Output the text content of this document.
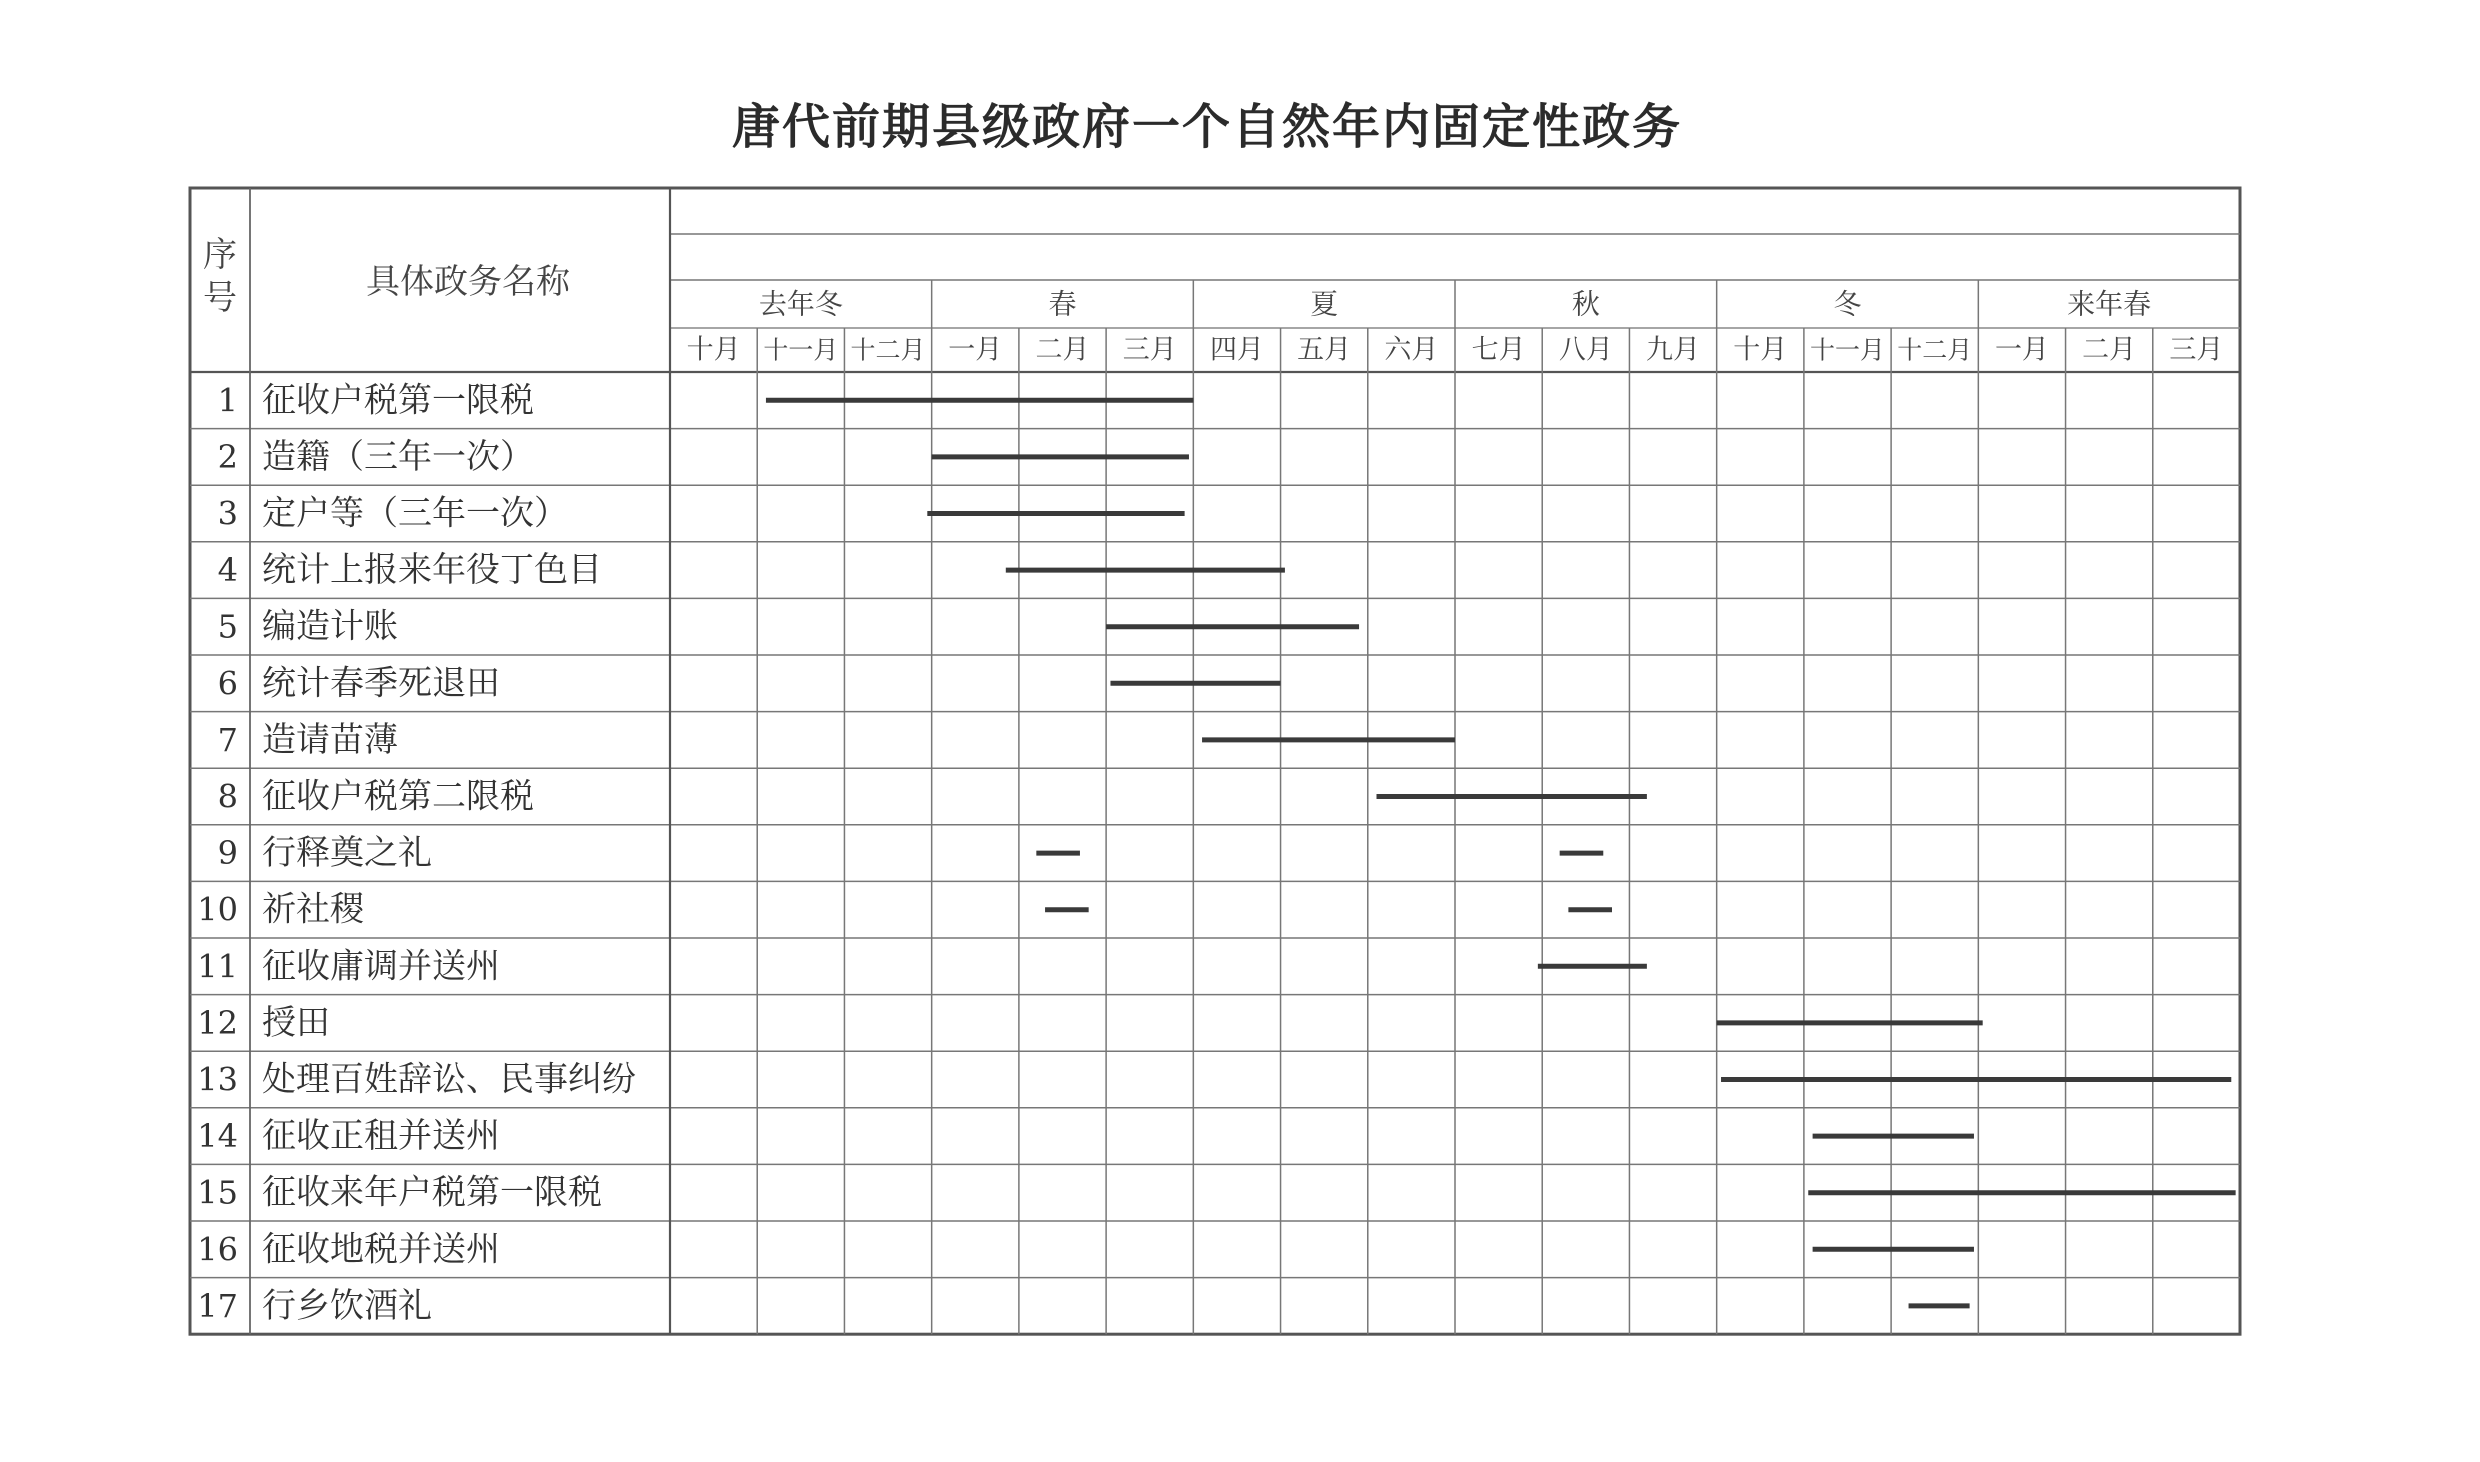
唐代前期县级政府一个自然年内固定性政务
序
号	具体政务名称
去年冬	春	夏	秋	冬	来年春
十月 十一月 十二月 一月 二月 三月 四月 五月 六月 七月 八月 九月 十月 十一月 十二月 一月 二月 三月
1 征收户税第一限税
2 造籍（三年一次）
3 定户等（三年一次）
4 统计上报来年役丁色目
5 编造计账
6 统计春季死退田
7 造请苗薄
8 征收户税第二限税
9 行释奠之礼
10 祈社稷
11 征收庸调并送州
12 授田
13 处理百姓辞讼、民事纠纷
14 征收正租并送州
15 征收来年户税第一限税
16 征收地税并送州
17 行乡饮酒礼
